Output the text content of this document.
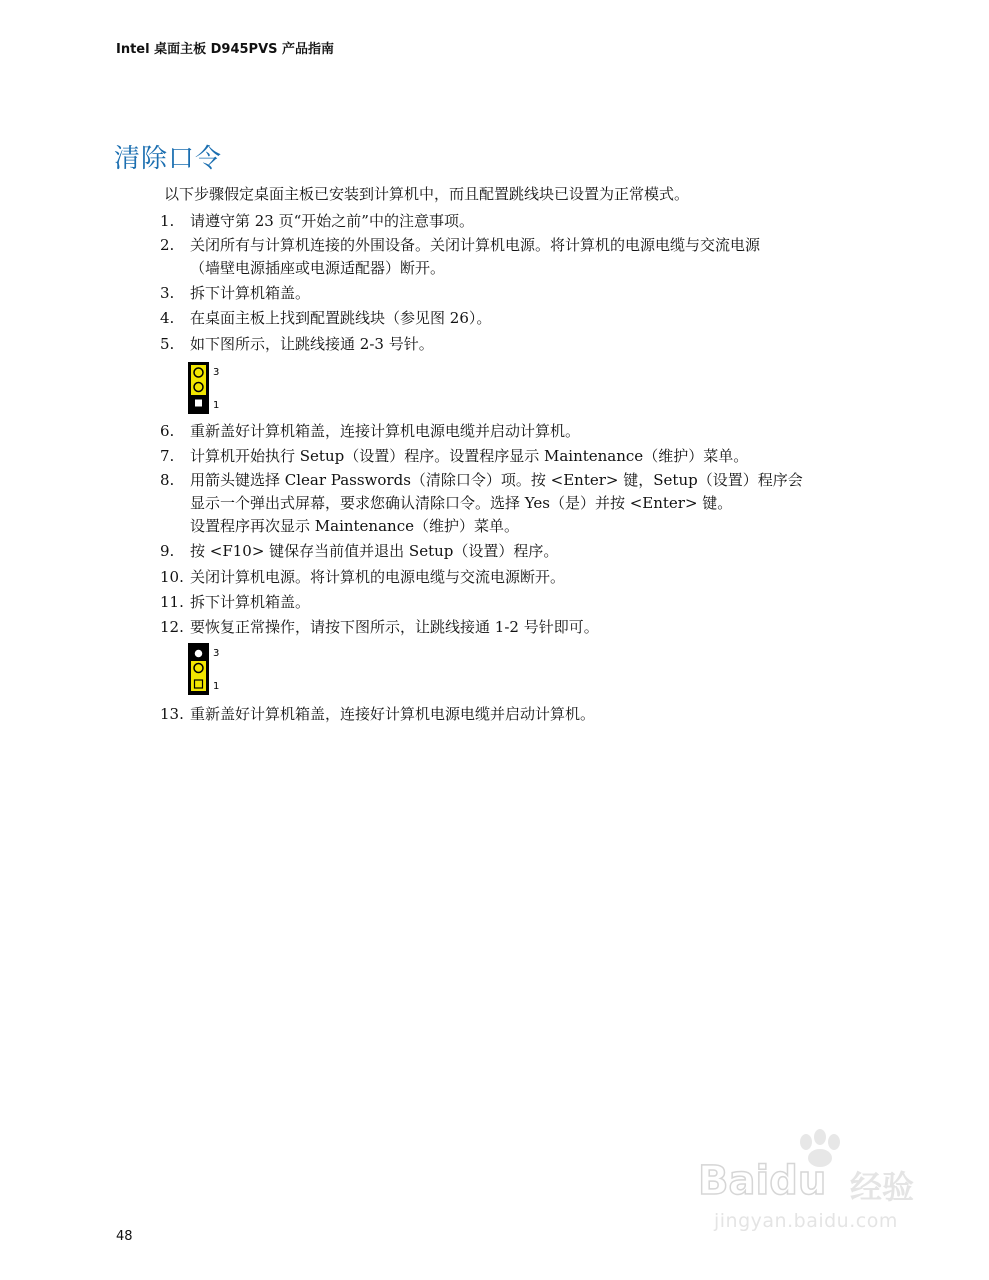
Intel 桌面主板 D945PVS 产品指南
清除口令
以下步骤假定桌面主板已安装到计算机中，而且配置跳线块已设置为正常模式。
1. 请遵守第 23 页“开始之前”中的注意事项。
2. 关闭所有与计算机连接的外围设备。关闭计算机电源。将计算机的电源电缆与交流电源
（墙壁电源插座或电源适配器）断开。
3. 拆下计算机箱盖。
4. 在桌面主板上找到配置跳线块（参见图 26）。
5. 如下图所示，让跳线接通 2-3 号针。
6. 重新盖好计算机箱盖，连接计算机电源电缆并启动计算机。
7. 计算机开始执行 Setup（设置）程序。设置程序显示 Maintenance（维护）菜单。
8. 用箭头键选择 Clear Passwords（清除口令）项。按 <Enter> 键，Setup（设置）程序会
显示一个弹出式屏幕，要求您确认清除口令。选择 Yes（是）并按 <Enter> 键。
设置程序再次显示 Maintenance（维护）菜单。
9. 按 <F10> 键保存当前值并退出 Setup（设置）程序。
10. 关闭计算机电源。将计算机的电源电缆与交流电源断开。
11. 拆下计算机箱盖。
12. 要恢复正常操作，请按下图所示，让跳线接通 1-2 号针即可。
13. 重新盖好计算机箱盖，连接好计算机电源电缆并启动计算机。
3
1
3
1
Baidu 经验
jingyan.baidu.com
48
